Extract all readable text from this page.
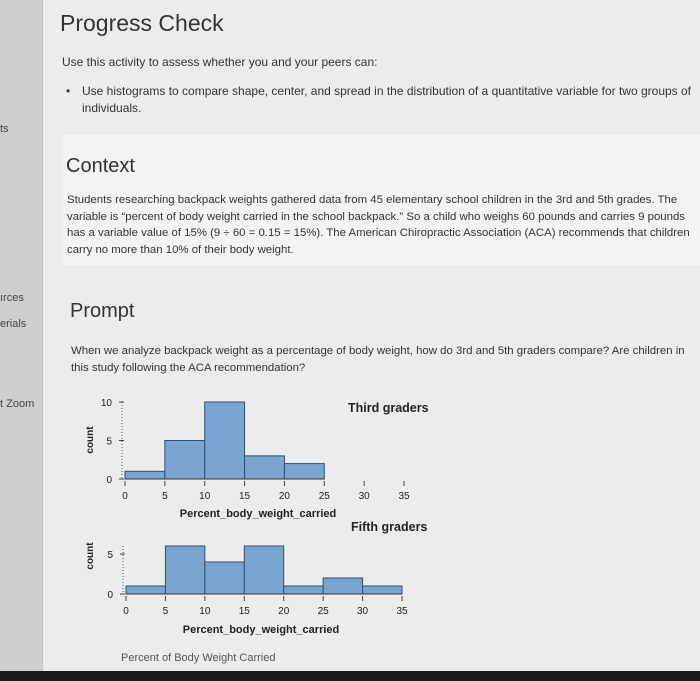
ts
ırces
erials
t Zoom
Progress Check
Use this activity to assess whether you and your peers can:
• Use histograms to compare shape, center, and spread in the distribution of a quantitative variable for two groups of individuals.
Context
Students researching backpack weights gathered data from 45 elementary school children in the 3rd and 5th grades. The variable is “percent of body weight carried in the school backpack.” So a child who weighs 60 pounds and carries 9 pounds has a variable value of 15% (9 ÷ 60 = 0.15 = 15%). The American Chiropractic Association (ACA) recommends that children carry no more than 10% of their body weight.
Prompt
When we analyze backpack weight as a percentage of body weight, how do 3rd and 5th graders compare? Are children in this study following the ACA recommendation?
0
5
10
0	5	10	15	20	25	30	35
Third graders
Percent_body_weight_carried
count
0
5
0	5	10	15	20	25	30	35
Fifth graders
Percent_body_weight_carried
count
Percent of Body Weight Carried
